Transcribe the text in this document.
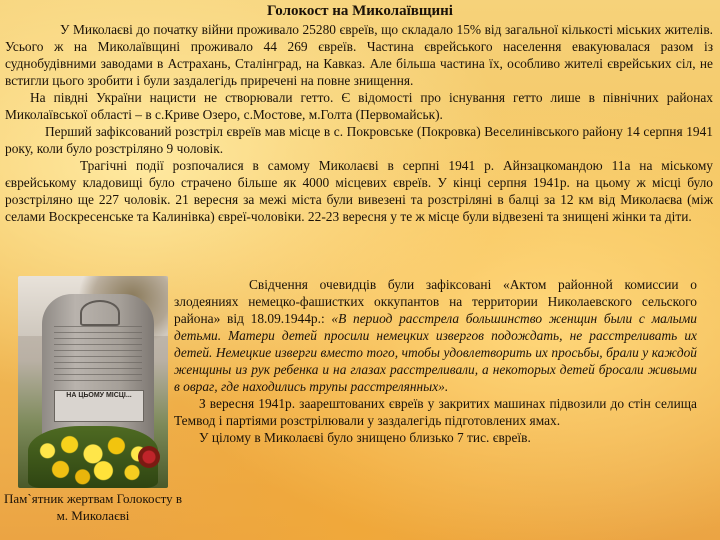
Голокост на Миколаївщині

У Миколаєві до початку війни проживало 25280 євреїв, що складало 15% від загальної кількості міських жителів. Усього ж на Миколаївщині проживало 44 269 євреїв. Частина єврейського населення евакуювалася разом із суднобудівними заводами в Астрахань, Сталінград, на Кавказ. Але більша частина їх, особливо жителі єврейських сіл, не встигли цього зробити і були заздалегідь приречені на повне знищення.

На півдні України нацисти не створювали гетто. Є відомості про існування гетто лише в північних районах Миколаївської області – в с.Криве Озеро, с.Мостове, м.Голта (Первомайськ).

Перший зафіксований розстріл євреїв мав місце в с. Покровське (Покровка) Веселинівського району 14 серпня 1941 року, коли було розстріляно 9 чоловік.

Трагічні події розпочалися в самому Миколаєві в серпні 1941 р. Айнзацкомандою 11а на міському єврейському кладовищі було страчено більше як 4000 місцевих євреїв. У кінці серпня 1941р. на цьому ж місці було розстріляно ще 227 чоловік. 21 вересня за межі міста були вивезені та розстріляні в балці за 12 км від Миколаєва (між селами Воскресенське та Калинівка) євреї-чоловіки. 22-23 вересня у те ж місце були відвезені та знищені жінки та діти.

НА ЦЬОМУ МІСЦІ...
Пам`ятник жертвам Голокосту в м. Миколаєві

Свідчення очевидців були зафіксовані «Актом районной комиссии о злодеяниях немецко-фашистких оккупантов на территории Николаевского сельского района» від 18.09.1944р.: «В период расстрела большинство женщин были с малыми детьми. Матери детей просили немецких извергов подождать, не расстреливать их детей. Немецкие изверги вместо того, чтобы удовлетворить их просьбы, брали у каждой женщины из рук ребенка и на глазах расстреливали, а некоторых детей бросали живыми в овраг, где находились трупы расстрелянных».

З вересня 1941р. заарештованих євреїв у закритих машинах підвозили до стін селища Темвод і партіями розстрілювали у заздалегідь підготовлених ямах.

У цілому в Миколаєві було знищено близько 7 тис. євреїв.
